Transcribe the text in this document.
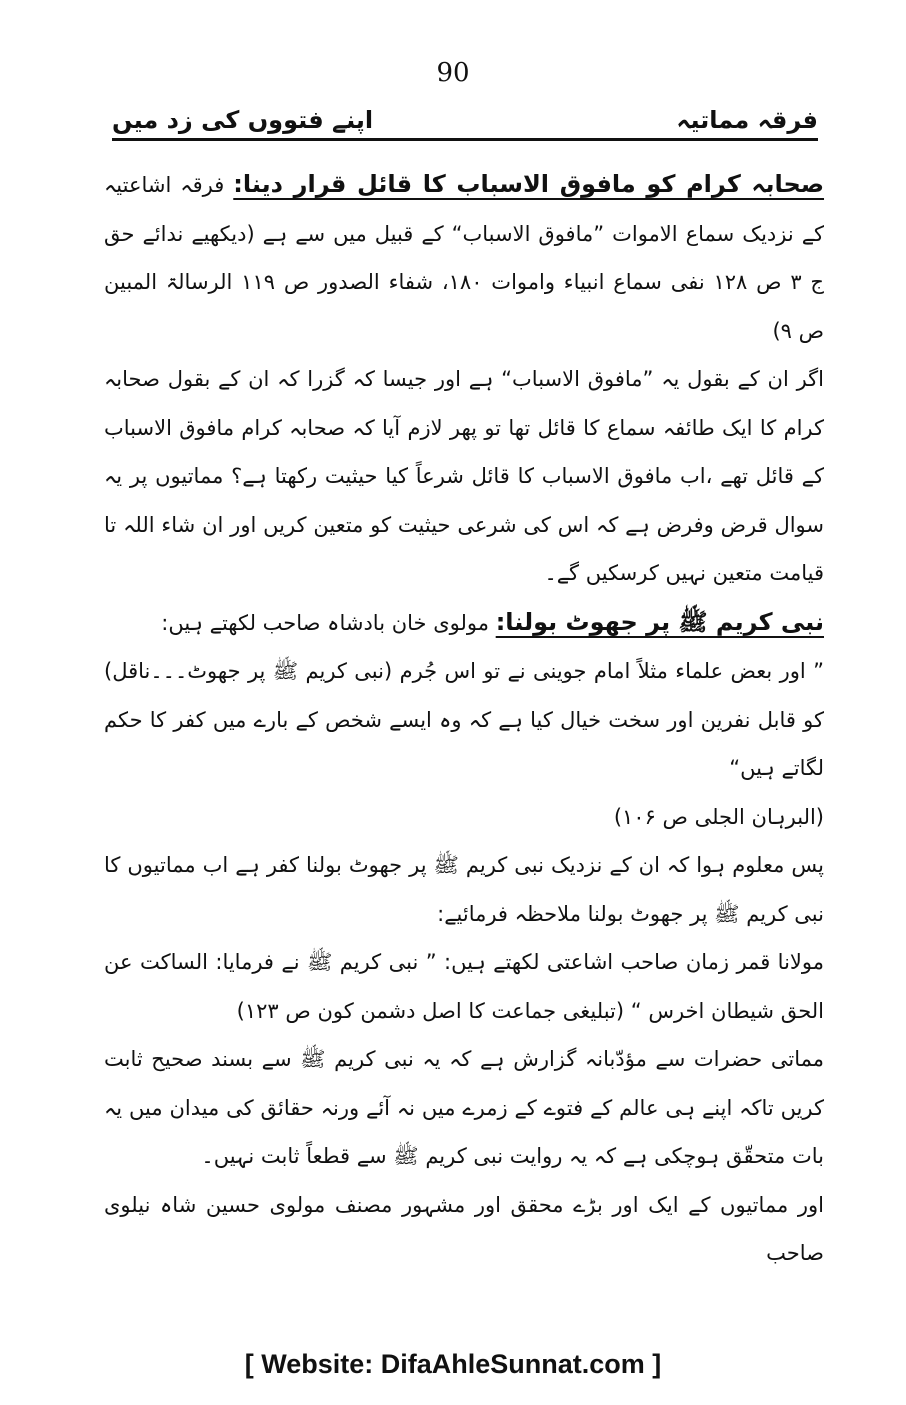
90
فرقہ مماتیہ
اپنے فتووں کی زد میں

صحابہ کرام کو مافوق الاسباب کا قائل قرار دینا: فرقہ اشاعتیہ کے نزدیک سماع الاموات ”مافوق الاسباب“ کے قبیل میں سے ہے (دیکھیے ندائے حق ج ۳ ص ۱۲۸ نفی سماع انبیاء واموات ۱۸۰، شفاء الصدور ص ۱۱۹ الرسالۃ المبین ص ۹)

اگر ان کے بقول یہ ”مافوق الاسباب“ ہے اور جیسا کہ گزرا کہ ان کے بقول صحابہ کرام کا ایک طائفہ سماع کا قائل تھا تو پھر لازم آیا کہ صحابہ کرام مافوق الاسباب کے قائل تھے ،اب مافوق الاسباب کا قائل شرعاً کیا حیثیت رکھتا ہے؟ مماتیوں پر یہ سوال قرض وفرض ہے کہ اس کی شرعی حیثیت کو متعین کریں اور ان شاء اللہ تا قیامت متعین نہیں کرسکیں گے۔

نبی کریم ﷺ پر جھوٹ بولنا: مولوی خان بادشاہ صاحب لکھتے ہیں:

” اور بعض علماء مثلاً امام جوینی نے تو اس جُرم (نبی کریم ﷺ پر جھوٹ۔۔۔ناقل) کو قابل نفرین اور سخت خیال کیا ہے کہ وہ ایسے شخص کے بارے میں کفر کا حکم لگاتے ہیں“

(البرہان الجلی ص ۱۰۶)

پس معلوم ہوا کہ ان کے نزدیک نبی کریم ﷺ پر جھوٹ بولنا کفر ہے اب مماتیوں کا نبی کریم ﷺ پر جھوٹ بولنا ملاحظہ فرمائیے:

مولانا قمر زمان صاحب اشاعتی لکھتے ہیں: ” نبی کریم ﷺ نے فرمایا: الساکت عن الحق شیطان اخرس “ (تبلیغی جماعت کا اصل دشمن کون ص ۱۲۳)

مماتی حضرات سے مؤدّبانہ گزارش ہے کہ یہ نبی کریم ﷺ سے بسند صحیح ثابت کریں تاکہ اپنے ہی عالم کے فتوے کے زمرے میں نہ آئے ورنہ حقائق کی میدان میں یہ بات متحقّق ہوچکی ہے کہ یہ روایت نبی کریم ﷺ سے قطعاً ثابت نہیں۔

اور مماتیوں کے ایک اور بڑے محقق اور مشہور مصنف مولوی حسین شاہ نیلوی صاحب

[ Website: DifaAhleSunnat.com ]
